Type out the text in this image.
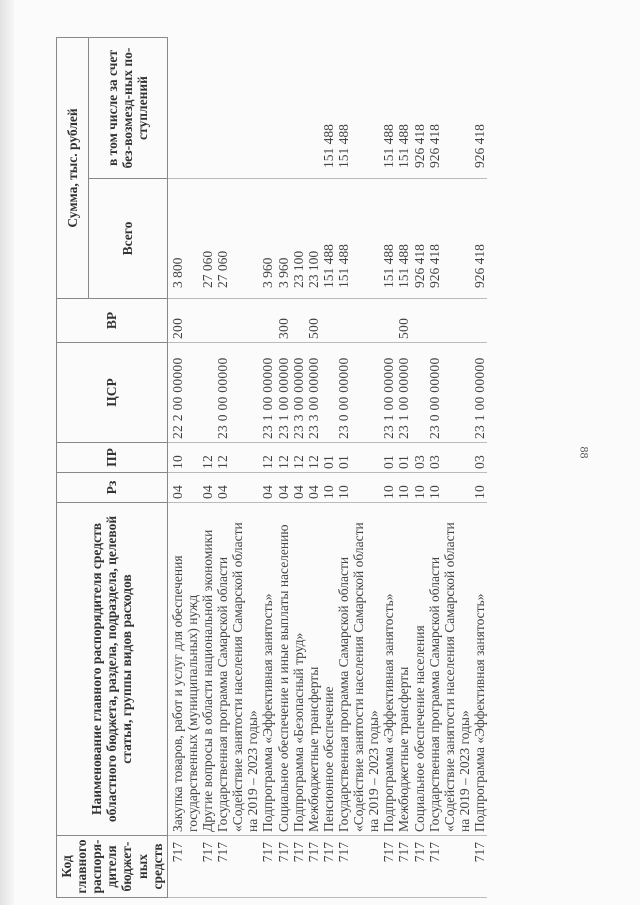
88
Код главного распоря-дителя бюджет-ных средств	Наименование главного распорядителя средств областного бюджета, раздела, подраздела, целевой статьи, группы видов расходов	Рз	ПР	ЦСР	ВР	Сумма, тыс. рублей	
						Всего	в том числе за счет без-возмезд-ных по-ступлений
717	Закупка товаров, работ и услуг для обеспечения государственных (муниципальных) нужд	04	10	22 2 00 00000	200	3 800	
717	Другие вопросы в области национальной экономики	04	12			27 060	
717	Государственная программа Самарской области «Содействие занятости населения Самарской области на 2019 – 2023 годы»	04	12	23 0 00 00000		27 060	
717	Подпрограмма «Эффективная занятость»	04	12	23 1 00 00000		3 960	
717	Социальное обеспечение и иные выплаты населению	04	12	23 1 00 00000	300	3 960	
717	Подпрограмма «Безопасный труд»	04	12	23 3 00 00000		23 100	
717	Межбюджетные трансферты	04	12	23 3 00 00000	500	23 100	
717	Пенсионное обеспечение	10	01			151 488	151 488
717	Государственная программа Самарской области «Содействие занятости населения Самарской области на 2019 – 2023 годы»	10	01	23 0 00 00000		151 488	151 488
717	Подпрограмма «Эффективная занятость»	10	01	23 1 00 00000		151 488	151 488
717	Межбюджетные трансферты	10	01	23 1 00 00000	500	151 488	151 488
717	Социальное обеспечение населения	10	03			926 418	926 418
717	Государственная программа Самарской области «Содействие занятости населения Самарской области на 2019 – 2023 годы»	10	03	23 0 00 00000		926 418	926 418
717	Подпрограмма «Эффективная занятость»	10	03	23 1 00 00000		926 418	926 418
